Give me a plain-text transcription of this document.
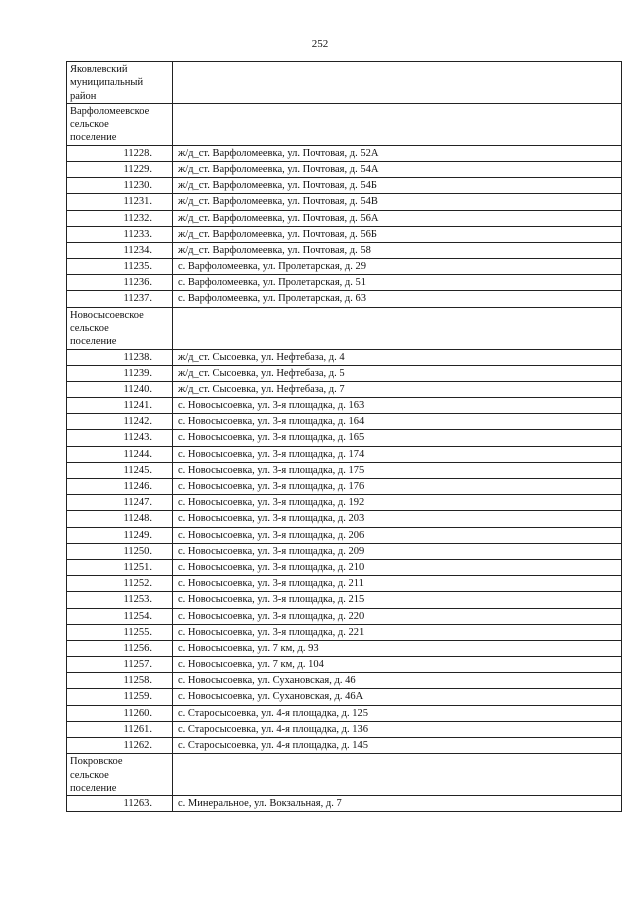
252
Яковлевский
муниципальный
район	

Варфоломеевское
сельское
поселение	

11228.	ж/д_ст. Варфоломеевка, ул. Почтовая, д. 52А
11229.	ж/д_ст. Варфоломеевка, ул. Почтовая, д. 54А
11230.	ж/д_ст. Варфоломеевка, ул. Почтовая, д. 54Б
11231.	ж/д_ст. Варфоломеевка, ул. Почтовая, д. 54В
11232.	ж/д_ст. Варфоломеевка, ул. Почтовая, д. 56А
11233.	ж/д_ст. Варфоломеевка, ул. Почтовая, д. 56Б
11234.	ж/д_ст. Варфоломеевка, ул. Почтовая, д. 58
11235.	с. Варфоломеевка, ул. Пролетарская, д. 29
11236.	с. Варфоломеевка, ул. Пролетарская, д. 51
11237.	с. Варфоломеевка, ул. Пролетарская, д. 63

Новосысоевское
сельское
поселение	

11238.	ж/д_ст. Сысоевка, ул. Нефтебаза, д. 4
11239.	ж/д_ст. Сысоевка, ул. Нефтебаза, д. 5
11240.	ж/д_ст. Сысоевка, ул. Нефтебаза, д. 7
11241.	с. Новосысоевка, ул. 3-я площадка, д. 163
11242.	с. Новосысоевка, ул. 3-я площадка, д. 164
11243.	с. Новосысоевка, ул. 3-я площадка, д. 165
11244.	с. Новосысоевка, ул. 3-я площадка, д. 174
11245.	с. Новосысоевка, ул. 3-я площадка, д. 175
11246.	с. Новосысоевка, ул. 3-я площадка, д. 176
11247.	с. Новосысоевка, ул. 3-я площадка, д. 192
11248.	с. Новосысоевка, ул. 3-я площадка, д. 203
11249.	с. Новосысоевка, ул. 3-я площадка, д. 206
11250.	с. Новосысоевка, ул. 3-я площадка, д. 209
11251.	с. Новосысоевка, ул. 3-я площадка, д. 210
11252.	с. Новосысоевка, ул. 3-я площадка, д. 211
11253.	с. Новосысоевка, ул. 3-я площадка, д. 215
11254.	с. Новосысоевка, ул. 3-я площадка, д. 220
11255.	с. Новосысоевка, ул. 3-я площадка, д. 221
11256.	с. Новосысоевка, ул. 7 км, д. 93
11257.	с. Новосысоевка, ул. 7 км, д. 104
11258.	с. Новосысоевка, ул. Сухановская, д. 46
11259.	с. Новосысоевка, ул. Сухановская, д. 46А
11260.	с. Старосысоевка, ул. 4-я площадка, д. 125
11261.	с. Старосысоевка, ул. 4-я площадка, д. 136
11262.	с. Старосысоевка, ул. 4-я площадка, д. 145

Покровское
сельское
поселение	

11263.	с. Минеральное, ул. Вокзальная, д. 7
